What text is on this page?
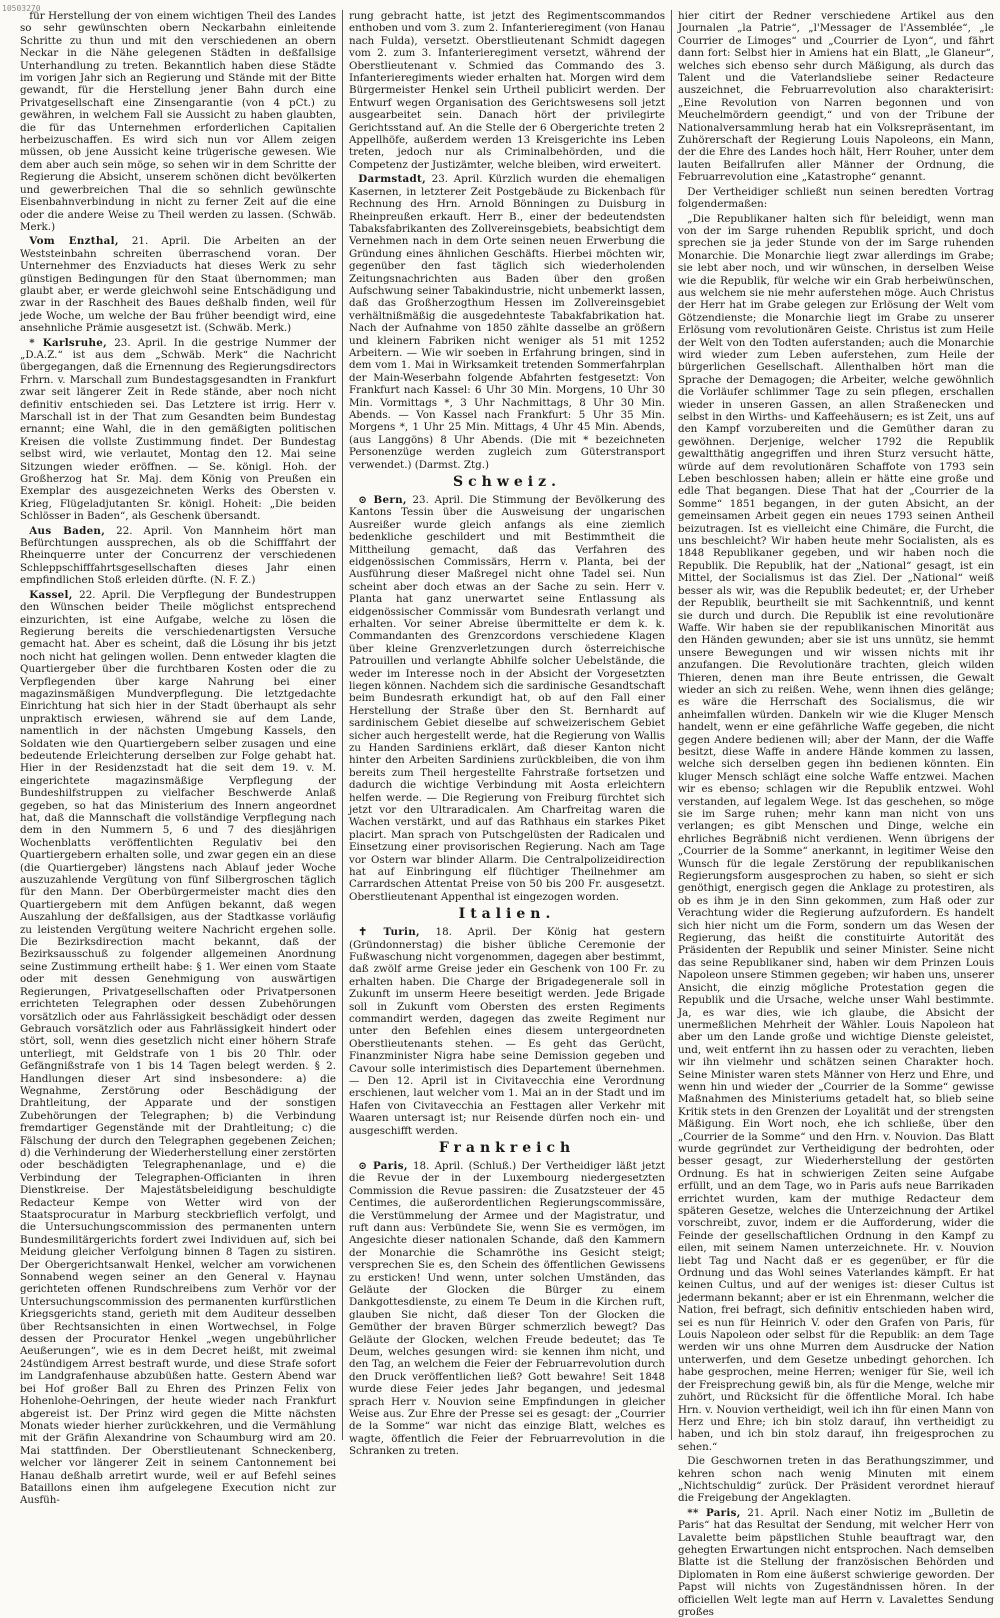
10503270

für Herstellung der von einem wichtigen Theil des Landes so sehr gewünschten obern Neckarbahn einleitende Schritte zu thun und mit den verschiedenen an obern Neckar in die Nähe gelegenen Städten in deßfallsige Unterhandlung zu treten. Bekanntlich haben diese Städte im vorigen Jahr sich an Regierung und Stände mit der Bitte gewandt, für die Herstellung jener Bahn durch eine Privatgesellschaft eine Zinsengarantie (von 4 pCt.) zu gewähren, in welchem Fall sie Aussicht zu haben glaubten, die für das Unternehmen erforderlichen Capitalien herbeizuschaffen. Es wird sich nun vor Allem zeigen müssen, ob jene Aussicht keine trügerische gewesen. Wie dem aber auch sein möge, so sehen wir in dem Schritte der Regierung die Absicht, unserem schönen dicht bevölkerten und gewerbreichen Thal die so sehnlich gewünschte Eisenbahnverbindung in nicht zu ferner Zeit auf die eine oder die andere Weise zu Theil werden zu lassen. (Schwäb. Merk.)

Vom Enzthal, 21. April. Die Arbeiten an der Weststeinbahn schreiten überraschend voran. Der Unternehmer des Enzviaducts hat dieses Werk zu sehr günstigen Bedingungen für den Staat übernommen; man glaubt aber, er werde gleichwohl seine Entschädigung und zwar in der Raschheit des Baues deßhalb finden, weil für jede Woche, um welche der Bau früher beendigt wird, eine ansehnliche Prämie ausgesetzt ist. (Schwäb. Merk.)

* Karlsruhe, 23. April. In die gestrige Nummer der „D.A.Z.“ ist aus dem „Schwäb. Merk“ die Nachricht übergegangen, daß die Ernennung des Regierungsdirectors Frhrn. v. Marschall zum Bundestagsgesandten in Frankfurt zwar seit längerer Zeit in Rede stände, aber noch nicht definitiv entschieden sei. Das Letztere ist irrig. Herr v. Marschall ist in der That zum Gesandten beim Bundestag ernannt; eine Wahl, die in den gemäßigten politischen Kreisen die vollste Zustimmung findet. Der Bundestag selbst wird, wie verlautet, Montag den 12. Mai seine Sitzungen wieder eröffnen. — Se. königl. Hoh. der Großherzog hat Sr. Maj. dem König von Preußen ein Exemplar des ausgezeichneten Werks des Obersten v. Krieg, Flügeladjutanten Sr. königl. Hoheit: „Die beiden Schlösser in Baden“, als Geschenk übersandt.

Aus Baden, 22. April. Von Mannheim hört man Befürchtungen aussprechen, als ob die Schifffahrt der Rheinquerre unter der Concurrenz der verschiedenen Schleppschifffahrtsgesellschaften dieses Jahr einen empfindlichen Stoß erleiden dürfte. (N. F. Z.)

Kassel, 22. April. Die Verpflegung der Bundestruppen den Wünschen beider Theile möglichst entsprechend einzurichten, ist eine Aufgabe, welche zu lösen die Regierung bereits die verschiedenartigsten Versuche gemacht hat. Aber es scheint, daß die Lösung ihr bis jetzt noch nicht hat gelingen wollen. Denn entweder klagten die Quartiergeber über die furchtbaren Kosten oder die zu Verpflegenden über karge Nahrung bei einer magazinsmäßigen Mundverpflegung. Die letztgedachte Einrichtung hat sich hier in der Stadt überhaupt als sehr unpraktisch erwiesen, während sie auf dem Lande, namentlich in der nächsten Umgebung Kassels, den Soldaten wie den Quartiergebern selber zusagen und eine bedeutende Erleichterung derselben zur Folge gehabt hat. Hier in der Residenzstadt hat die seit dem 19. v. M. eingerichtete magazinsmäßige Verpflegung der Bundeshilfstruppen zu vielfacher Beschwerde Anlaß gegeben, so hat das Ministerium des Innern angeordnet hat, daß die Mannschaft die vollständige Verpflegung nach dem in den Nummern 5, 6 und 7 des diesjährigen Wochenblatts veröffentlichten Regulativ bei den Quartiergebern erhalten solle, und zwar gegen ein an diese (die Quartiergeber) längstens nach Ablauf jeder Woche auszuzahlende Vergütung von fünf Silbergroschen täglich für den Mann. Der Oberbürgermeister macht dies den Quartiergebern mit dem Anfügen bekannt, daß wegen Auszahlung der deßfallsigen, aus der Stadtkasse vorläufig zu leistenden Vergütung weitere Nachricht ergehen solle. Die Bezirksdirection macht bekannt, daß der Bezirksausschuß zu folgender allgemeinen Anordnung seine Zustimmung ertheilt habe: § 1. Wer einen vom Staate oder mit dessen Genehmigung von auswärtigen Regierungen, Privatgesellschaften oder Privatpersonen errichteten Telegraphen oder dessen Zubehörungen vorsätzlich oder aus Fahrlässigkeit beschädigt oder dessen Gebrauch vorsätzlich oder aus Fahrlässigkeit hindert oder stört, soll, wenn dies gesetzlich nicht einer höhern Strafe unterliegt, mit Geldstrafe von 1 bis 20 Thlr. oder Gefängnißstrafe von 1 bis 14 Tagen belegt werden. § 2. Handlungen dieser Art sind insbesondere: a) die Wegnahme, Zerstörung oder Beschädigung der Drahtleitung, der Apparate und der sonstigen Zubehörungen der Telegraphen; b) die Verbindung fremdartiger Gegenstände mit der Drahtleitung; c) die Fälschung der durch den Telegraphen gegebenen Zeichen; d) die Verhinderung der Wiederherstellung einer zerstörten oder beschädigten Telegraphenanlage, und e) die Verbindung der Telegraphen-Officianten in ihren Dienstkreise. Der Majestätsbeleidigung beschuldigte Redacteur Kempe von Wetter wird von der Staatsprocuratur in Marburg steckbrieflich verfolgt, und die Untersuchungscommission des permanenten untern Bundesmilitärgerichts fordert zwei Individuen auf, sich bei Meidung gleicher Verfolgung binnen 8 Tagen zu sistiren. Der Obergerichtsanwalt Henkel, welcher am vorwichenen Sonnabend wegen seiner an den General v. Haynau gerichteten offenen Rundschreibens zum Verhör vor der Untersuchungscommission des permanenten kurfürstlichen Kriegsgerichts stand, gerieth mit dem Auditeur desselben über Rechtsansichten in einen Wortwechsel, in Folge dessen der Procurator Henkel „wegen ungebührlicher Aeußerungen“, wie es in dem Decret heißt, mit zweimal 24stündigem Arrest bestraft wurde, und diese Strafe sofort im Landgrafenhause abzubüßen hatte. Gestern Abend war bei Hof großer Ball zu Ehren des Prinzen Felix von Hohenlohe-Oehringen, der heute wieder nach Frankfurt abgereist ist. Der Prinz wird gegen die Mitte nächsten Monats wieder hierher zurückkehren, und die Vermählung mit der Gräfin Alexandrine von Schaumburg wird am 20. Mai stattfinden. Der Oberstlieutenant Schneckenberg, welcher vor längerer Zeit in seinem Cantonnement bei Hanau deßhalb arretirt wurde, weil er auf Befehl seines Bataillons einen ihm aufgelegene Execution nicht zur Ausfüh-

rung gebracht hatte, ist jetzt des Regimentscommandos enthoben und vom 3. zum 2. Infanterieregiment (von Hanau nach Fulda), versetzt. Oberstlieutenant Schmidt dagegen vom 2. zum 3. Infanterieregiment versetzt, während der Oberstlieutenant v. Schmied das Commando des 3. Infanterieregiments wieder erhalten hat. Morgen wird dem Bürgermeister Henkel sein Urtheil publicirt werden. Der Entwurf wegen Organisation des Gerichtswesens soll jetzt ausgearbeitet sein. Danach hört der privilegirte Gerichtsstand auf. An die Stelle der 6 Obergerichte treten 2 Appellhöfe, außerdem werden 13 Kreisgerichte ins Leben treten, jedoch nur als Criminalbehörden, und die Competenz der Justizämter, welche bleiben, wird erweitert.

Darmstadt, 23. April. Kürzlich wurden die ehemaligen Kasernen, in letzterer Zeit Postgebäude zu Bickenbach für Rechnung des Hrn. Arnold Bönningen zu Duisburg in Rheinpreußen erkauft. Herr B., einer der bedeutendsten Tabaksfabrikanten des Zollvereinsgebiets, beabsichtigt dem Vernehmen nach in dem Orte seinen neuen Erwerbung die Gründung eines ähnlichen Geschäfts. Hierbei möchten wir, gegenüber den fast täglich sich wiederholenden Zeitungsnachrichten aus Baden über den großen Aufschwung seiner Tabakindustrie, nicht unbemerkt lassen, daß das Großherzogthum Hessen im Zollvereinsgebiet verhältnißmäßig die ausgedehnteste Tabakfabrikation hat. Nach der Aufnahme von 1850 zählte dasselbe an größern und kleinern Fabriken nicht weniger als 51 mit 1252 Arbeitern. — Wie wir soeben in Erfahrung bringen, sind in dem vom 1. Mai in Wirksamkeit tretenden Sommerfahrplan der Main-Weserbahn folgende Abfahrten festgesetzt: Von Frankfurt nach Kassel: 6 Uhr 30 Min. Morgens, 10 Uhr 30 Min. Vormittags *, 3 Uhr Nachmittags, 8 Uhr 30 Min. Abends. — Von Kassel nach Frankfurt: 5 Uhr 35 Min. Morgens *, 1 Uhr 25 Min. Mittags, 4 Uhr 45 Min. Abends, (aus Langgöns) 8 Uhr Abends. (Die mit * bezeichneten Personenzüge werden zugleich zum Güterstransport verwendet.) (Darmst. Ztg.)

Schweiz.

⊙ Bern, 23. April. Die Stimmung der Bevölkerung des Kantons Tessin über die Ausweisung der ungarischen Ausreißer wurde gleich anfangs als eine ziemlich bedenkliche geschildert und mit Bestimmtheit die Mittheilung gemacht, daß das Verfahren des eidgenössischen Commissärs, Herrn v. Planta, bei der Ausführung dieser Maßregel nicht ohne Tadel sei. Nun scheint aber doch etwas an der Sache zu sein. Herr v. Planta hat ganz unerwartet seine Entlassung als eidgenössischer Commissär vom Bundesrath verlangt und erhalten. Vor seiner Abreise übermittelte er dem k. k. Commandanten des Grenzcordons verschiedene Klagen über kleine Grenzverletzungen durch österreichische Patrouillen und verlangte Abhilfe solcher Uebelstände, die weder im Interesse noch in der Absicht der Vorgesetzten liegen können. Nachdem sich die sardinische Gesandtschaft beim Bundesrath erkundigt hat, ob auf den Fall einer Herstellung der Straße über den St. Bernhardt auf sardinischem Gebiet dieselbe auf schweizerischem Gebiet sicher auch hergestellt werde, hat die Regierung von Wallis zu Handen Sardiniens erklärt, daß dieser Kanton nicht hinter den Arbeiten Sardiniens zurückbleiben, die von ihm bereits zum Theil hergestellte Fahrstraße fortsetzen und dadurch die wichtige Verbindung mit Aosta erleichtern helfen werde. — Die Regierung von Freiburg fürchtet sich jetzt vor den Ultraradicalen. Am Charfreitag waren die Wachen verstärkt, und auf das Rathhaus ein starkes Piket placirt. Man sprach von Putschgelüsten der Radicalen und Einsetzung einer provisorischen Regierung. Nach am Tage vor Ostern war blinder Allarm. Die Centralpolizeidirection hat auf Einbringung elf flüchtiger Theilnehmer am Carrardschen Attentat Preise von 50 bis 200 Fr. ausgesetzt. Oberstlieutenant Appenthal ist eingezogen worden.

Italien.

✝ Turin, 18. April. Der König hat gestern (Gründonnerstag) die bisher übliche Ceremonie der Fußwaschung nicht vorgenommen, dagegen aber bestimmt, daß zwölf arme Greise jeder ein Geschenk von 100 Fr. zu erhalten haben. Die Charge der Brigadegenerale soll in Zukunft im unserm Heere beseitigt werden. Jede Brigade soll in Zukunft vom Obersten des ersten Regiments commandirt werden, dagegen das zweite Regiment nur unter den Befehlen eines diesem untergeordneten Oberstlieutenants stehen. — Es geht das Gerücht, Finanzminister Nigra habe seine Demission gegeben und Cavour solle interimistisch dies Departement übernehmen. — Den 12. April ist in Civitavecchia eine Verordnung erschienen, laut welcher vom 1. Mai an in der Stadt und im Hafen von Civitavecchia an Festtagen aller Verkehr mit Waaren untersagt ist; nur Reisende dürfen noch ein- und ausgeschifft werden.

Frankreich

⊙ Paris, 18. April. (Schluß.) Der Vertheidiger läßt jetzt die Revue der in der Luxembourg niedergesetzten Commission die Revue passiren: die Zusatzsteuer der 45 Centimes, die außerordentlichen Regierungscommissäre, die Verstümmelung der Armee und der Magistratur, und ruft dann aus: Verbündete Sie, wenn Sie es vermögen, im Angesichte dieser nationalen Schande, daß den Kammern der Monarchie die Schamröthe ins Gesicht steigt; versprechen Sie es, den Schein des öffentlichen Gewissens zu ersticken! Und wenn, unter solchen Umständen, das Geläute der Glocken die Bürger zu einem Dankgottesdienste, zu einem Te Deum in die Kirchen ruft, glauben Sie nicht, daß dieser Ton der Glocken die Gemüther der braven Bürger schmerzlich bewegt? Das Geläute der Glocken, welchen Freude bedeutet; das Te Deum, welches gesungen wird: sie kennen ihm nicht, und den Tag, an welchem die Feier der Februarrevolution durch den Druck veröffentlichen ließ? Gott bewahre! Seit 1848 wurde diese Feier jedes Jahr begangen, und jedesmal sprach Herr v. Nouvion seine Empfindungen in gleicher Weise aus. Zur Ehre der Presse sei es gesagt: der „Courrier de la Somme“ war nicht das einzige Blatt, welches es wagte, öffentlich die Feier der Februarrevolution in die Schranken zu treten.

hier citirt der Redner verschiedene Artikel aus den Journalen „la Patrie“, „l'Messager de l'Assemblée“, „le Courrier de Limoges“ und „Courrier de Lyon“, und fährt dann fort: Selbst hier in Amiens hat ein Blatt, „le Glaneur“, welches sich ebenso sehr durch Mäßigung, als durch das Talent und die Vaterlandsliebe seiner Redacteure auszeichnet, die Februarrevolution also charakterisirt: „Eine Revolution von Narren begonnen und von Meuchelmördern geendigt,“ und von der Tribune der Nationalversammlung herab hat ein Volksrepräsentant, im Zuhörerschaft der Regierung Louis Napoleons, ein Mann, der die Ehre des Landes hoch hält, Herr Rouher, unter dem lauten Beifallrufen aller Männer der Ordnung, die Februarrevolution eine „Katastrophe“ genannt.

Der Vertheidiger schließt nun seinen beredten Vortrag folgendermaßen:

„Die Republikaner halten sich für beleidigt, wenn man von der im Sarge ruhenden Republik spricht, und doch sprechen sie ja jeder Stunde von der im Sarge ruhenden Monarchie. Die Monarchie liegt zwar allerdings im Grabe; sie lebt aber noch, und wir wünschen, in derselben Weise wie die Republik, für welche wir ein Grab herbeiwünschen, aus welchem sie nie mehr auferstehen möge. Auch Christus der Herr hat im Grabe gelegen zur Erlösung der Welt vom Götzendienste; die Monarchie liegt im Grabe zu unserer Erlösung vom revolutionären Geiste. Christus ist zum Heile der Welt von den Todten auferstanden; auch die Monarchie wird wieder zum Leben auferstehen, zum Heile der bürgerlichen Gesellschaft. Allenthalben hört man die Sprache der Demagogen; die Arbeiter, welche gewöhnlich die Vorläufer schlimmer Tage zu sein pflegen, erschallen wieder in unseren Gassen, an allen Straßenecken und selbst in den Wirths- und Kaffeehäusern; es ist Zeit, uns auf den Kampf vorzubereiten und die Gemüther daran zu gewöhnen. Derjenige, welcher 1792 die Republik gewaltthätig angegriffen und ihren Sturz versucht hätte, würde auf dem revolutionären Schaffote von 1793 sein Leben beschlossen haben; allein er hätte eine große und edle That begangen. Diese That hat der „Courrier de la Somme“ 1851 begangen, in der guten Absicht, an der gemeinsamen Arbeit gegen ein neues 1793 seinen Antheil beizutragen. Ist es vielleicht eine Chimäre, die Furcht, die uns beschleicht? Wir haben heute mehr Socialisten, als es 1848 Republikaner gegeben, und wir haben noch die Republik. Die Republik, hat der „National“ gesagt, ist ein Mittel, der Socialismus ist das Ziel. Der „National“ weiß besser als wir, was die Republik bedeutet; er, der Urheber der Republik, beurtheilt sie mit Sachkenntniß, und kennt sie durch und durch. Die Republik ist eine revolutionäre Waffe. Wir haben sie der republikanischen Minorität aus den Händen gewunden; aber sie ist uns unnütz, sie hemmt unsere Bewegungen und wir wissen nichts mit ihr anzufangen. Die Revolutionäre trachten, gleich wilden Thieren, denen man ihre Beute entrissen, die Gewalt wieder an sich zu reißen. Wehe, wenn ihnen dies gelänge; es wäre die Herrschaft des Socialismus, die wir anheimfallen würden. Dankeln wir wie die Kluger Mensch handelt, wenn er eine gefährliche Waffe gegeben, die nicht gegen Andere bedienen will; aber der Mann, der die Waffe besitzt, diese Waffe in andere Hände kommen zu lassen, welche sich derselben gegen ihn bedienen könnten. Ein kluger Mensch schlägt eine solche Waffe entzwei. Machen wir es ebenso; schlagen wir die Republik entzwei. Wohl verstanden, auf legalem Wege. Ist das geschehen, so möge sie im Sarge ruhen; mehr kann man nicht von uns verlangen; es gibt Menschen und Dinge, welche ein ehrliches Begräbniß nicht verdienen. Wenn übrigens der „Courrier de la Somme“ anerkannt, in legitimer Weise den Wunsch für die legale Zerstörung der republikanischen Regierungsform ausgesprochen zu haben, so sieht er sich genöthigt, energisch gegen die Anklage zu protestiren, als ob es ihm je in den Sinn gekommen, zum Haß oder zur Verachtung wider die Regierung aufzufordern. Es handelt sich hier nicht um die Form, sondern um das Wesen der Regierung, das heißt die constituirte Autorität des Präsidenten der Republik und seiner Minister. Seine nicht das seine Republikaner sind, haben wir dem Prinzen Louis Napoleon unsere Stimmen gegeben; wir haben uns, unserer Ansicht, die einzig mögliche Protestation gegen die Republik und die Ursache, welche unser Wahl bestimmte. Ja, es war dies, wie ich glaube, die Absicht der unermeßlichen Mehrheit der Wähler. Louis Napoleon hat aber um den Lande große und wichtige Dienste geleistet, und, weit entfernt ihn zu hassen oder zu verachten, lieben wir ihn vielmehr und schätzen seinen Charakter hoch. Seine Minister waren stets Männer von Herz und Ehre, und wenn hin und wieder der „Courrier de la Somme“ gewisse Maßnahmen des Ministeriums getadelt hat, so blieb seine Kritik stets in den Grenzen der Loyalität und der strengsten Mäßigung. Ein Wort noch, ehe ich schließe, über den „Courrier de la Somme“ und den Hrn. v. Nouvion. Das Blatt wurde gegründet zur Vertheidigung der bedrohten, oder besser gesagt, zur Wiederherstellung der gestörten Ordnung. Es hat in schwierigen Zeiten seine Aufgabe erfüllt, und an dem Tage, wo in Paris aufs neue Barrikaden errichtet wurden, kam der muthige Redacteur dem späteren Gesetze, welches die Unterzeichnung der Artikel vorschreibt, zuvor, indem er die Aufforderung, wider die Feinde der gesellschaftlichen Ordnung in den Kampf zu eilen, mit seinem Namen unterzeichnete. Hr. v. Nouvion liebt Tag und Nacht daß er es gegenüber, er für die Ordnung und das Wohl seines Vaterlandes kämpft. Er hat keinen Cultus, und auf der weniges ist: dieser Cultus ist jedermann bekannt; aber er ist ein Ehrenmann, welcher die Nation, frei befragt, sich definitiv entschieden haben wird, sei es nun für Heinrich V. oder den Grafen von Paris, für Louis Napoleon oder selbst für die Republik: an dem Tage werden wir uns ohne Murren dem Ausdrucke der Nation unterwerfen, und dem Gesetze unbedingt gehorchen. Ich habe gesprochen, meine Herren; weniger für Sie, weil ich der Freisprechung gewiß bin, als für die Menge, welche mir zuhört, und Rücksicht für die öffentliche Moral. Ich habe Hrn. v. Nouvion vertheidigt, weil ich ihn für einen Mann von Herz und Ehre; ich bin stolz darauf, ihn vertheidigt zu haben, und ich bin stolz darauf, ihn freigesprochen zu sehen.“

Die Geschwornen treten in das Berathungszimmer, und kehren schon nach wenig Minuten mit einem „Nichtschuldig“ zurück. Der Präsident verordnet hierauf die Freigebung der Angeklagten.

** Paris, 21. April. Nach einer Notiz im „Bulletin de Paris“ hat das Resultat der Sendung, mit welcher Herr von Lavalette beim päpstlichen Stuhle beauftragt war, den gehegten Erwartungen nicht entsprochen. Nach demselben Blatte ist die Stellung der französischen Behörden und Diplomaten in Rom eine äußerst schwierige geworden. Der Papst will nichts von Zugeständnissen hören. In der officiellen Welt legte man auf Herrn v. Lavalettes Sendung großes
